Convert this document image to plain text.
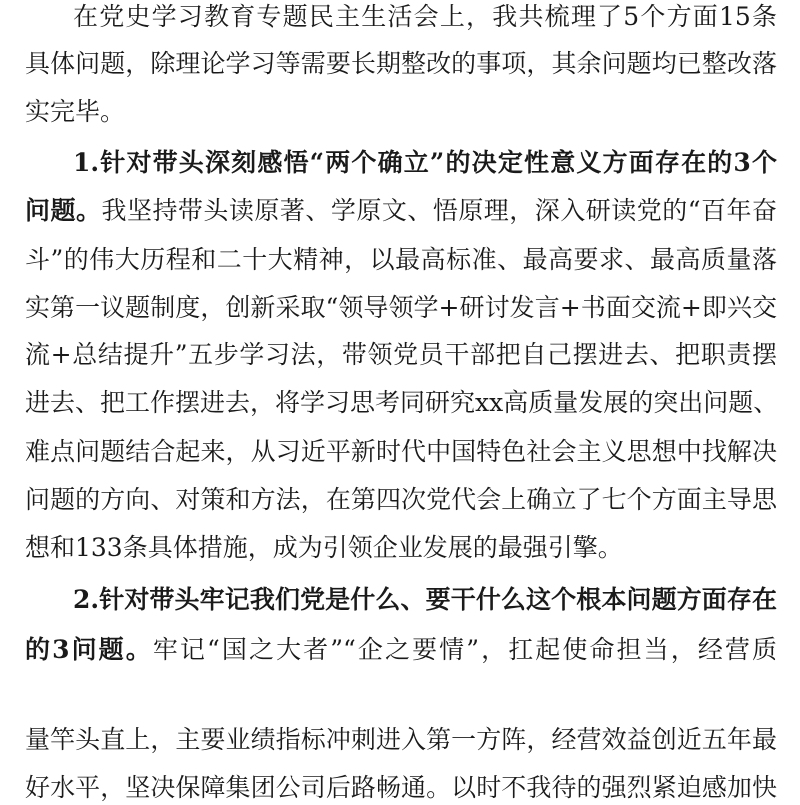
在党史学习教育专题民主生活会上，我共梳理了5个方面15条
具体问题，除理论学习等需要长期整改的事项，其余问题均已整改落
实完毕。
1.针对带头深刻感悟“两个确立”的决定性意义方面存在的3个
问题。我坚持带头读原著、学原文、悟原理，深入研读党的“百年奋
斗”的伟大历程和二十大精神，以最高标准、最高要求、最高质量落
实第一议题制度，创新采取“领导领学+研讨发言+书面交流+即兴交
流+总结提升”五步学习法，带领党员干部把自己摆进去、把职责摆
进去、把工作摆进去，将学习思考同研究xx高质量发展的突出问题、
难点问题结合起来，从习近平新时代中国特色社会主义思想中找解决
问题的方向、对策和方法，在第四次党代会上确立了七个方面主导思
想和133条具体措施，成为引领企业发展的最强引擎。
2.针对带头牢记我们党是什么、要干什么这个根本问题方面存在
的3问题。牢记“国之大者”“企之要情”，扛起使命担当，经营质
量竿头直上，主要业绩指标冲刺进入第一方阵，经营效益创近五年最
好水平，坚决保障集团公司后路畅通。以时不我待的强烈紧迫感加快
